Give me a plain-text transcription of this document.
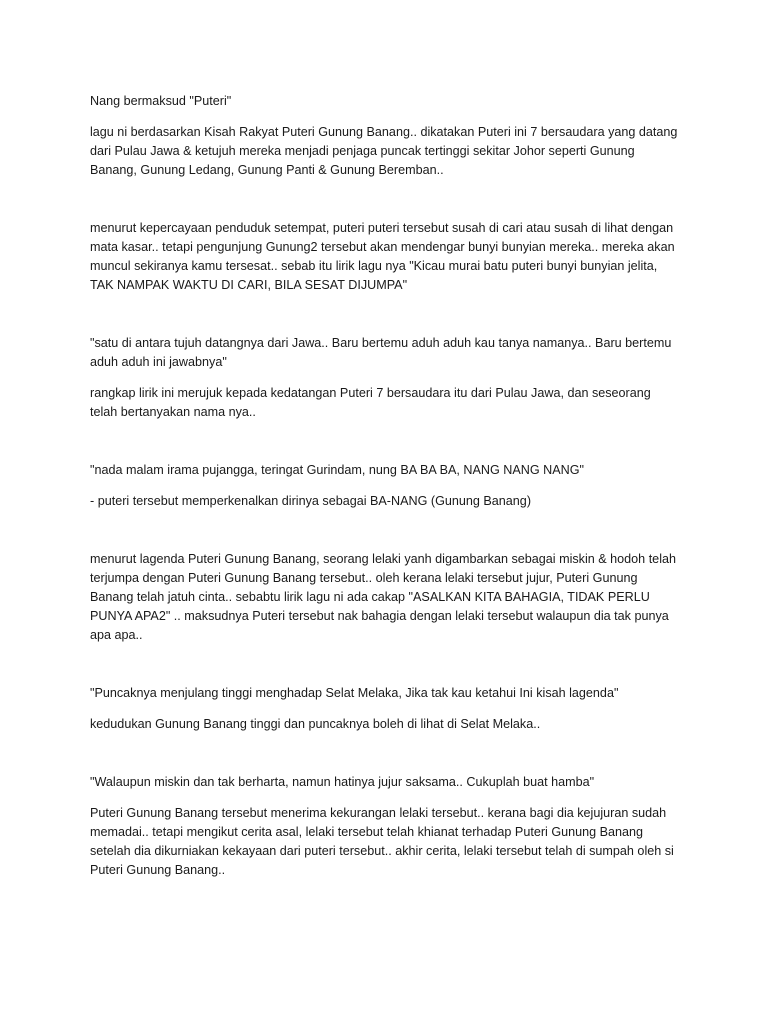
Nang bermaksud "Puteri"

lagu ni berdasarkan Kisah Rakyat Puteri Gunung Banang.. dikatakan Puteri ini 7 bersaudara yang datang dari Pulau Jawa & ketujuh mereka menjadi penjaga puncak tertinggi sekitar Johor seperti Gunung Banang, Gunung Ledang, Gunung Panti & Gunung Beremban..

menurut kepercayaan penduduk setempat, puteri puteri tersebut susah di cari atau susah di lihat dengan mata kasar.. tetapi pengunjung Gunung2 tersebut akan mendengar bunyi bunyian mereka.. mereka akan muncul sekiranya kamu tersesat.. sebab itu lirik lagu nya "Kicau murai batu puteri bunyi bunyian jelita, TAK NAMPAK WAKTU DI CARI, BILA SESAT DIJUMPA"

"satu di antara tujuh datangnya dari Jawa.. Baru bertemu aduh aduh kau tanya namanya.. Baru bertemu aduh aduh ini jawabnya"

rangkap lirik ini merujuk kepada kedatangan Puteri 7 bersaudara itu dari Pulau Jawa, dan seseorang telah bertanyakan nama nya..

"nada malam irama pujangga, teringat Gurindam, nung BA BA BA, NANG NANG NANG"

- puteri tersebut memperkenalkan dirinya sebagai BA-NANG (Gunung Banang)

menurut lagenda Puteri Gunung Banang, seorang lelaki yanh digambarkan sebagai miskin & hodoh telah terjumpa dengan Puteri Gunung Banang tersebut.. oleh kerana lelaki tersebut jujur, Puteri Gunung Banang telah jatuh cinta.. sebabtu lirik lagu ni ada cakap "ASALKAN KITA BAHAGIA, TIDAK PERLU PUNYA APA2" .. maksudnya Puteri tersebut nak bahagia dengan lelaki tersebut walaupun dia tak punya apa apa..

"Puncaknya menjulang tinggi menghadap Selat Melaka, Jika tak kau ketahui Ini kisah lagenda"

kedudukan Gunung Banang tinggi dan puncaknya boleh di lihat di Selat Melaka..

"Walaupun miskin dan tak berharta, namun hatinya jujur saksama.. Cukuplah buat hamba"

Puteri Gunung Banang tersebut menerima kekurangan lelaki tersebut.. kerana bagi dia kejujuran sudah memadai.. tetapi mengikut cerita asal, lelaki tersebut telah khianat terhadap Puteri Gunung Banang setelah dia dikurniakan kekayaan dari puteri tersebut.. akhir cerita, lelaki tersebut telah di sumpah oleh si Puteri Gunung Banang..
